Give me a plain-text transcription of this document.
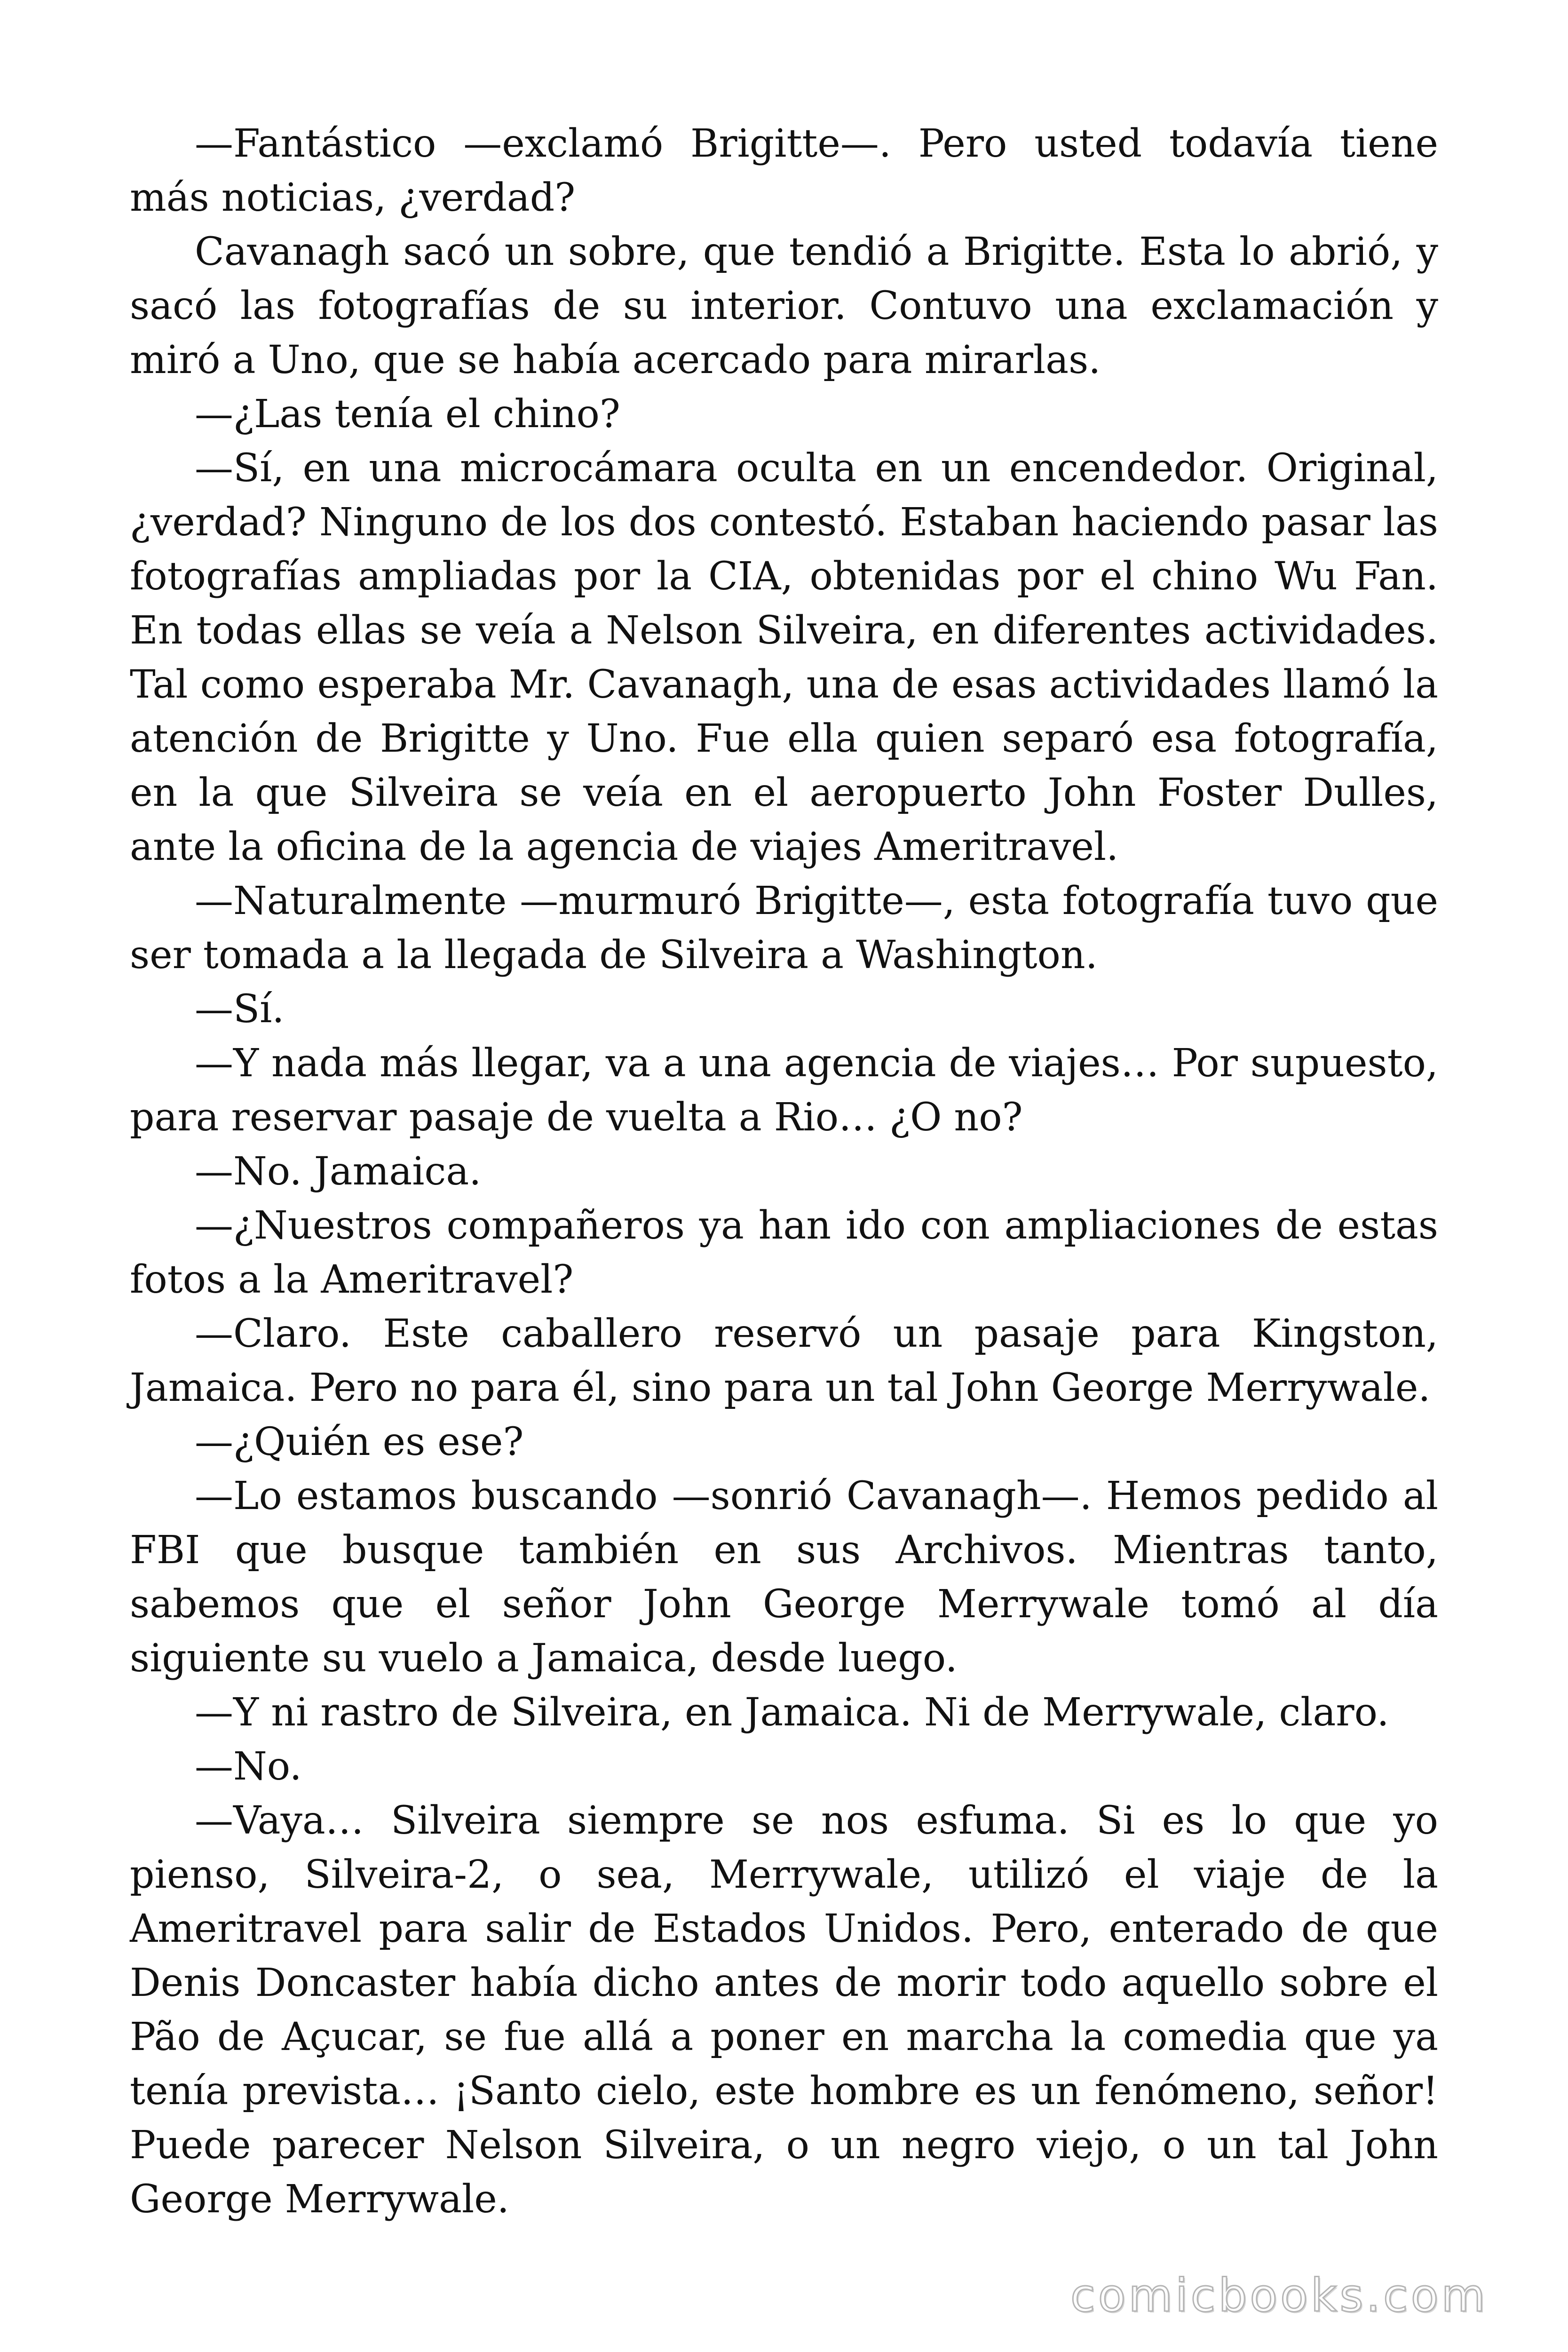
—Fantástico —exclamó Brigitte—. Pero usted todavía tiene más noticias, ¿verdad?

Cavanagh sacó un sobre, que tendió a Brigitte. Esta lo abrió, y sacó las fotografías de su interior. Contuvo una exclamación y miró a Uno, que se había acercado para mirarlas.

—¿Las tenía el chino?

—Sí, en una microcámara oculta en un encendedor. Original, ¿verdad? Ninguno de los dos contestó. Estaban haciendo pasar las fotografías ampliadas por la CIA, obtenidas por el chino Wu Fan. En todas ellas se veía a Nelson Silveira, en diferentes actividades. Tal como esperaba Mr. Cavanagh, una de esas actividades llamó la atención de Brigitte y Uno. Fue ella quien separó esa fotografía, en la que Silveira se veía en el aeropuerto John Foster Dulles, ante la oficina de la agencia de viajes Ameritravel.

—Naturalmente —murmuró Brigitte—, esta fotografía tuvo que ser tomada a la llegada de Silveira a Washington.

—Sí.

—Y nada más llegar, va a una agencia de viajes… Por supuesto, para reservar pasaje de vuelta a Rio… ¿O no?

—No. Jamaica.

—¿Nuestros compañeros ya han ido con ampliaciones de estas fotos a la Ameritravel?

—Claro. Este caballero reservó un pasaje para Kingston, Jamaica. Pero no para él, sino para un tal John George Merrywale.

—¿Quién es ese?

—Lo estamos buscando —sonrió Cavanagh—. Hemos pedido al FBI que busque también en sus Archivos. Mientras tanto, sabemos que el señor John George Merrywale tomó al día siguiente su vuelo a Jamaica, desde luego.

—Y ni rastro de Silveira, en Jamaica. Ni de Merrywale, claro.

—No.

—Vaya… Silveira siempre se nos esfuma. Si es lo que yo pienso, Silveira-2, o sea, Merrywale, utilizó el viaje de la Ameritravel para salir de Estados Unidos. Pero, enterado de que Denis Doncaster había dicho antes de morir todo aquello sobre el Pão de Açucar, se fue allá a poner en marcha la comedia que ya tenía prevista… ¡Santo cielo, este hombre es un fenómeno, señor! Puede parecer Nelson Silveira, o un negro viejo, o un tal John George Merrywale.

comicbooks.com
